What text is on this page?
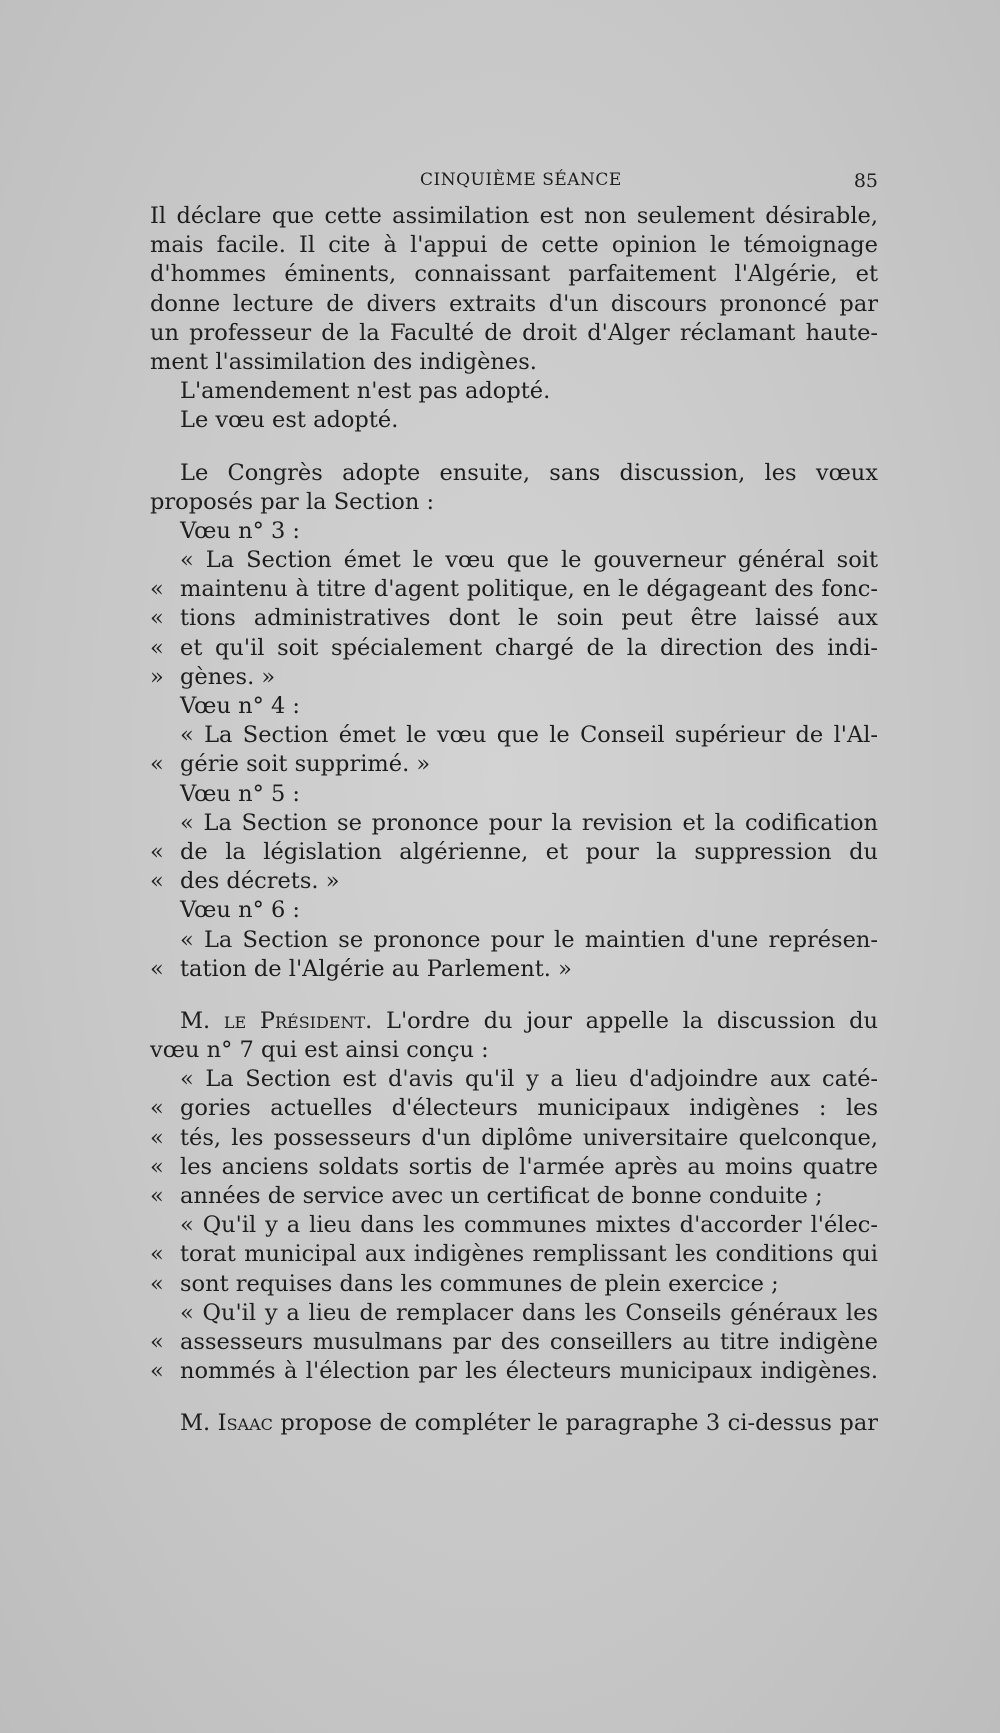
CINQUIÈME SÉANCE	85
Il déclare que cette assimilation est non seulement désirable,
mais facile. Il cite à l'appui de cette opinion le témoignage
d'hommes éminents, connaissant parfaitement l'Algérie, et
donne lecture de divers extraits d'un discours prononcé par
un professeur de la Faculté de droit d'Alger réclamant haute-
ment l'assimilation des indigènes.
L'amendement n'est pas adopté.
Le vœu est adopté.
Le Congrès adopte ensuite, sans discussion, les vœux
proposés par la Section :
Vœu n° 3 :
« La Section émet le vœu que le gouverneur général soit
« maintenu à titre d'agent politique, en le dégageant des fonc-
« tions administratives dont le soin peut être laissé aux
« et qu'il soit spécialement chargé de la direction des indi-
» gènes. »
Vœu n° 4 :
« La Section émet le vœu que le Conseil supérieur de l'Al-
« gérie soit supprimé. »
Vœu n° 5 :
« La Section se prononce pour la revision et la codification
« de la législation algérienne, et pour la suppression du
« des décrets. »
Vœu n° 6 :
« La Section se prononce pour le maintien d'une représen-
« tation de l'Algérie au Parlement. »
M. le Président. L'ordre du jour appelle la discussion du
vœu n° 7 qui est ainsi conçu :
« La Section est d'avis qu'il y a lieu d'adjoindre aux caté-
« gories actuelles d'électeurs municipaux indigènes : les
« tés, les possesseurs d'un diplôme universitaire quelconque,
« les anciens soldats sortis de l'armée après au moins quatre
« années de service avec un certificat de bonne conduite ;
« Qu'il y a lieu dans les communes mixtes d'accorder l'élec-
« torat municipal aux indigènes remplissant les conditions qui
« sont requises dans les communes de plein exercice ;
« Qu'il y a lieu de remplacer dans les Conseils généraux les
« assesseurs musulmans par des conseillers au titre indigène
« nommés à l'élection par les électeurs municipaux indigènes.
M. Isaac propose de compléter le paragraphe 3 ci-dessus par
